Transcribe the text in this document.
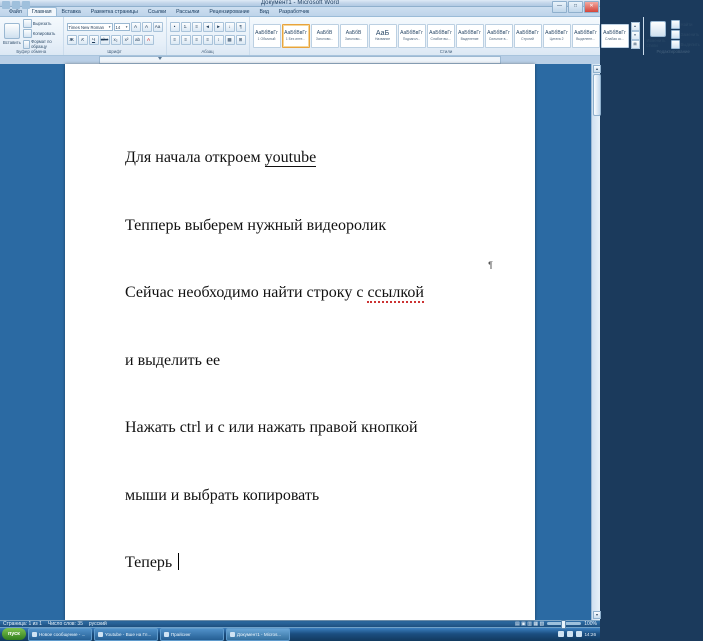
Документ1 - Microsoft Word	—	□	✕
Файл	Главная	Вставка	Разметка страницы	Ссылки	Рассылки	Рецензирование	Вид	Разработчик
Вставить
Вырезать
Копировать
Формат по образцу
Буфер обмена
Times New Roman ▾ 14 ▾	A	A	Aa
Ж	К	Ч	abc	x₂	x²	ab	A
Шрифт
•	1.	≡	◄	►	↓	¶
≡	≡	≡	≡	↕	▩	⊞
Абзац
AaБбВвГг
1 Обычный
AaБбВвГг
1 Без инте...
АаБбВ
Заголово...
АаБбВ
Заголово...
АаБ
Название
AaБбВвГг
Подзагол...
AaБбВвГг
Слабое вы...
AaБбВвГг
Выделение
AaБбВвГг
Сильное в...
AaБбВвГг
Строгий
AaБбВвГг
Цитата 2
AaБбВвГг
Выделенн...
AaБбВвГг
Слабая сс...
▴
▾
▤
Стили
Изменить стили
Найти
Заменить
Выделить
Редактирование

Для начала откроем youtube

Тепперь выберем нужный видеоролик

Сейчас необходимо найти строку с ссылкой

и выделить ее

Нажать ctrl и с или нажать правой кнопкой

мыши и выбрать копировать

Теперь

¶
▴
▾
Страница: 1 из 1 Число слов: 35 русский	▤ ▣ ▥ ▦ ▧	100%
пуск	Новое сообщение - ...	Youtube - Вше на Гл...	Прайсинг	Документ1 - Micros...	14:26
